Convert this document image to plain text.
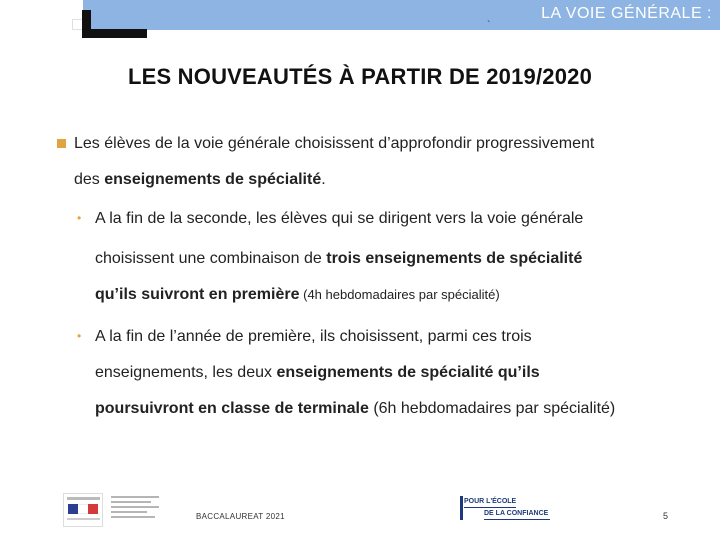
`
LA VOIE GÉNÉRALE :
LES NOUVEAUTÉS À PARTIR DE 2019/2020
Les élèves de la voie générale choisissent d’approfondir progressivement
des enseignements de spécialité.
• A la fin de la seconde, les élèves qui se dirigent vers la voie générale
choisissent une combinaison de trois enseignements de spécialité
qu’ils suivront en première (4h hebdomadaires par spécialité)
• A la fin de l’année de première, ils choisissent, parmi ces trois
enseignements, les deux enseignements de spécialité qu’ils
poursuivront en classe de terminale (6h hebdomadaires par spécialité)
BACCALAUREAT 2021
POUR L'ÉCOLE
DE LA CONFIANCE	5
